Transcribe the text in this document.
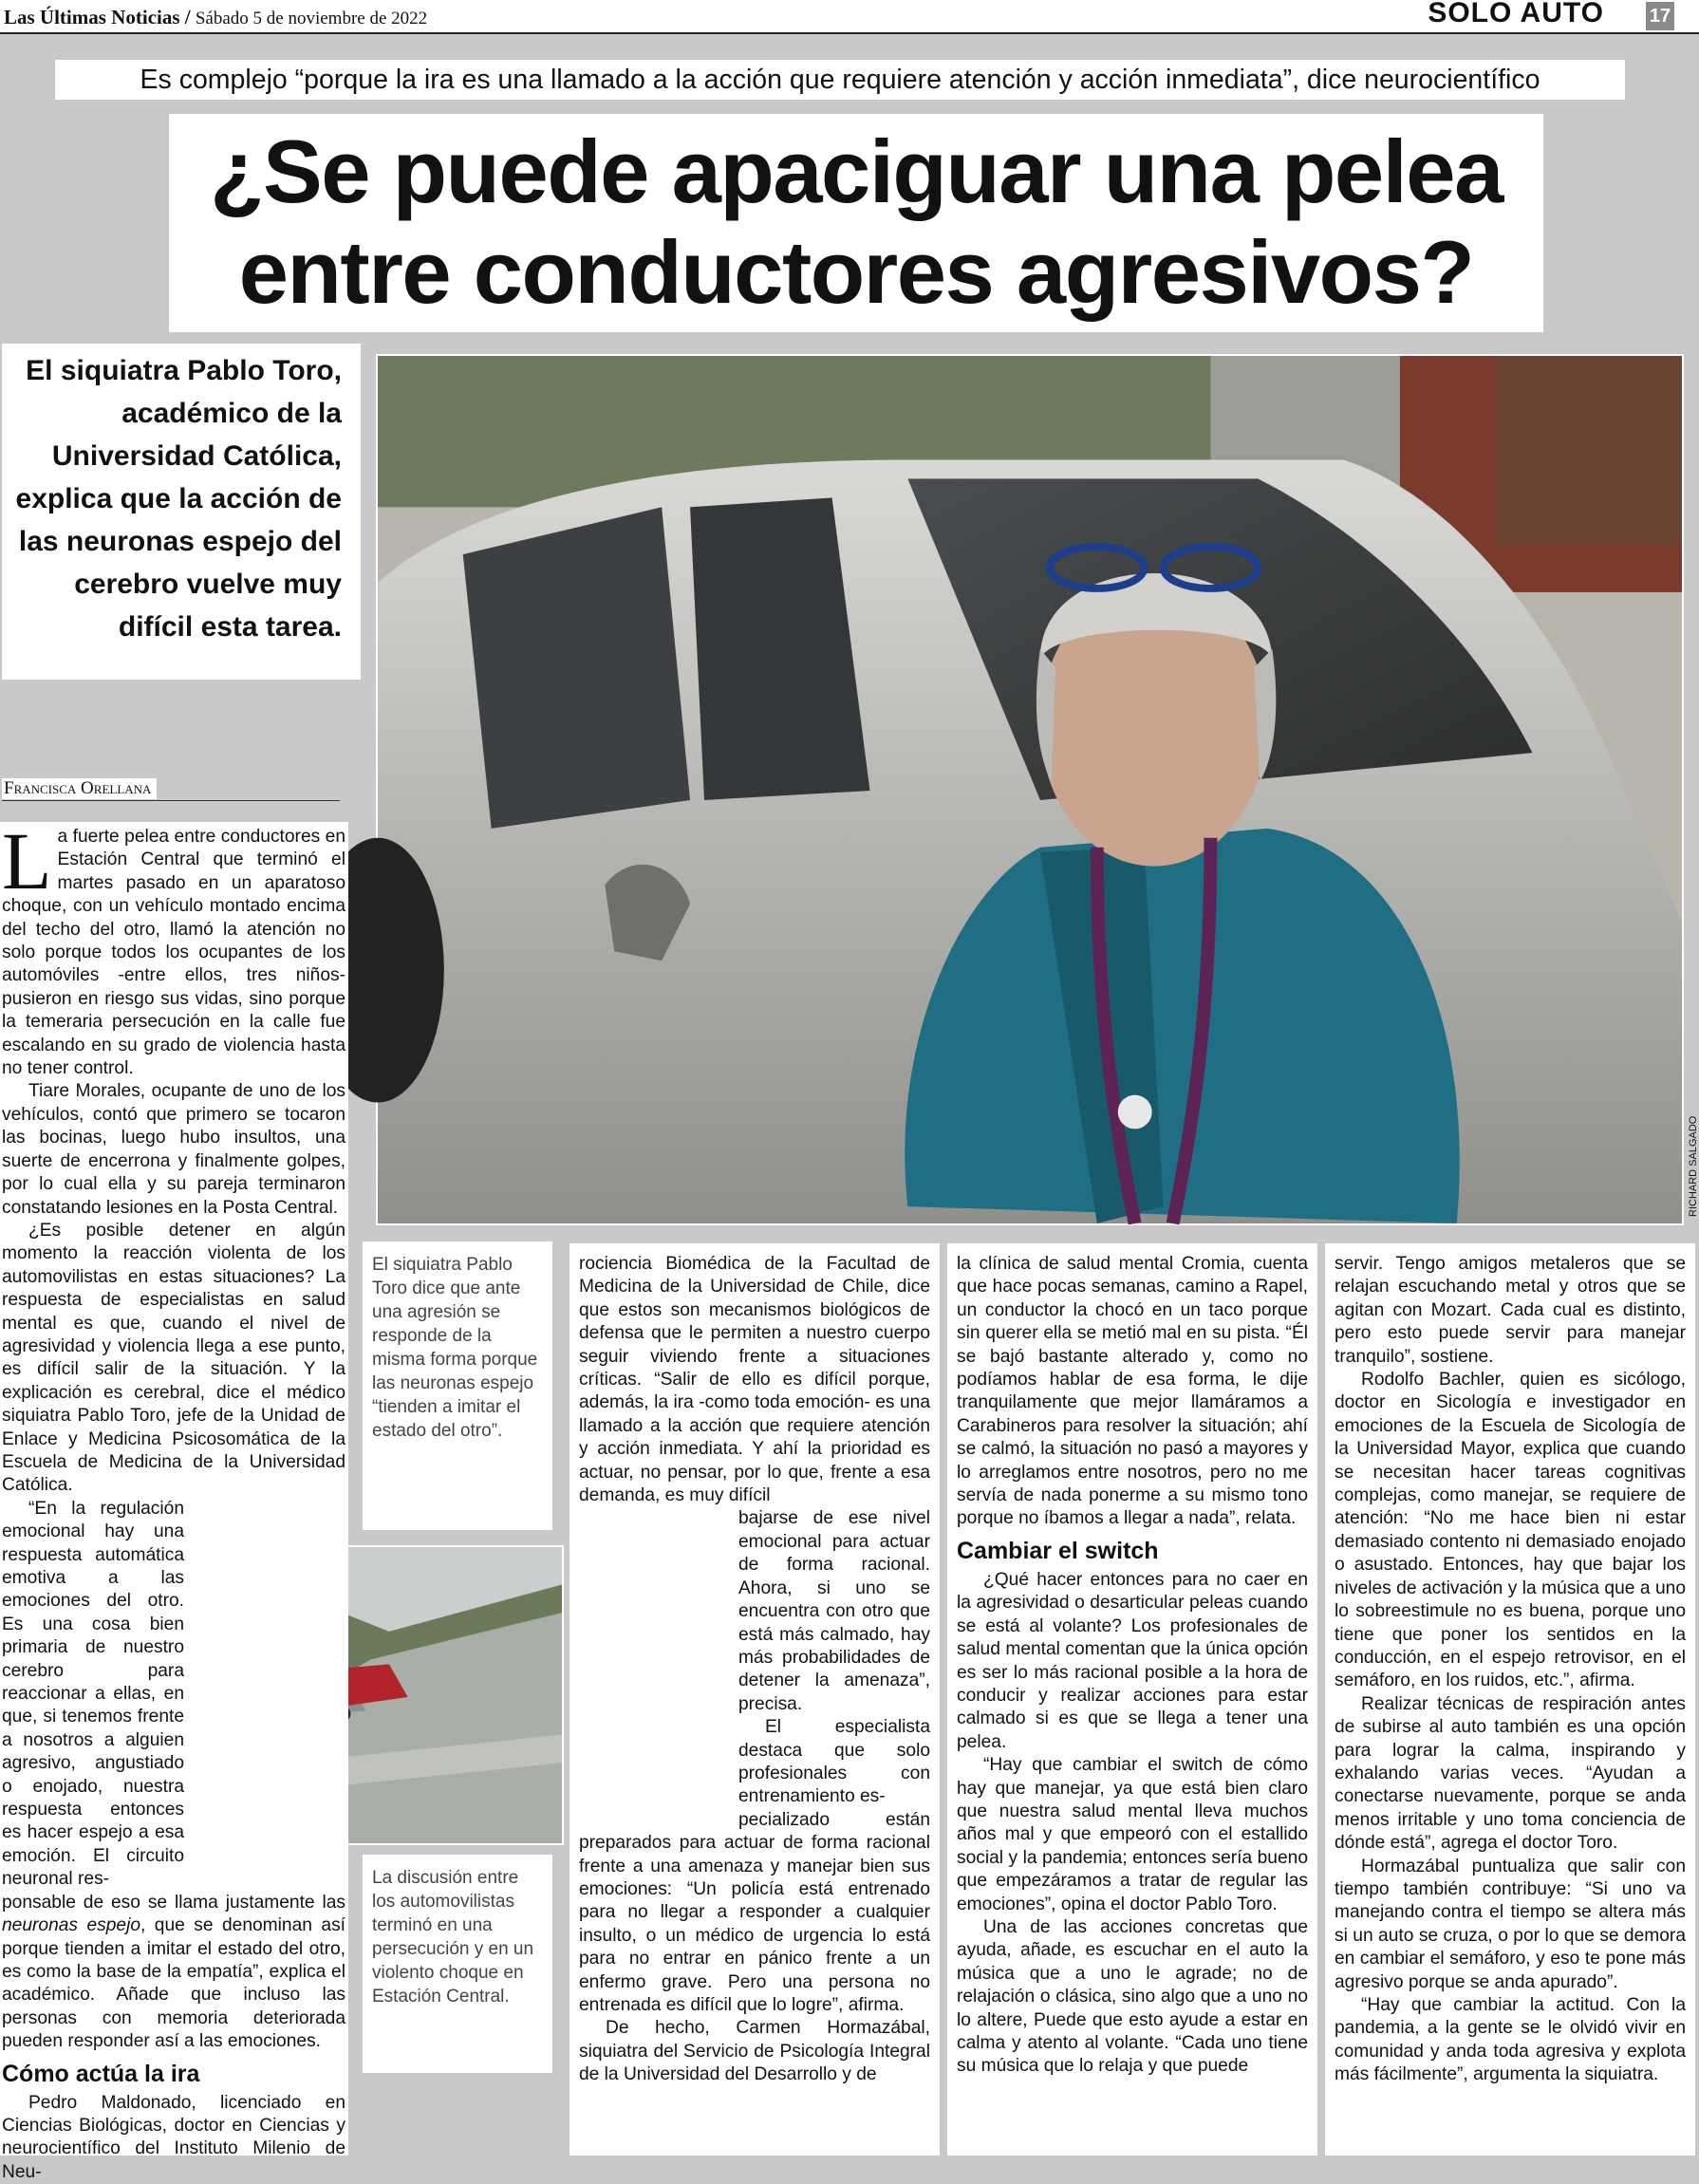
Las Últimas Noticias / Sábado 5 de noviembre de 2022	SOLO AUTO 17
Es complejo “porque la ira es una llamado a la acción que requiere atención y acción inmediata”, dice neurocientífico
¿Se puede apaciguar una pelea
entre conductores agresivos?
El siquiatra Pablo Toro, académico de la Universidad Católica, explica que la acción de las neuronas espejo del cerebro vuelve muy difícil esta tarea.
Francisca Orellana
RICHARD SALGADO
El siquiatra Pablo Toro dice que ante una agresión se responde de la misma forma porque las neuronas espejo “tienden a imitar el estado del otro”.
La discusión entre los automovilistas terminó en una persecución y en un violento choque en Estación Central.

L a fuerte pelea entre conductores en Estación Central que terminó el martes pasado en un aparatoso choque, con un vehículo montado encima del techo del otro, llamó la atención no solo porque todos los ocupantes de los automóviles -entre ellos, tres niños- pusieron en riesgo sus vidas, sino porque la temeraria persecución en la calle fue escalando en su grado de violencia hasta no tener control.

Tiare Morales, ocupante de uno de los vehículos, contó que primero se tocaron las bocinas, luego hubo insultos, una suerte de encerrona y finalmente golpes, por lo cual ella y su pareja terminaron constatando lesiones en la Posta Central.

¿Es posible detener en algún momento la reacción violenta de los automovilistas en estas situaciones? La respuesta de especialistas en salud mental es que, cuando el nivel de agresividad y violencia llega a ese punto, es difícil salir de la situación. Y la explicación es cerebral, dice el médico siquiatra Pablo Toro, jefe de la Unidad de Enlace y Medicina Psicosomática de la Escuela de Medicina de la Universidad Católica.

“En la regulación emocional hay una respuesta automática emotiva a las emociones del otro. Es una cosa bien primaria de nuestro cerebro para reaccionar a ellas, en que, si tenemos frente a nosotros a alguien agresivo, angustiado o enojado, nuestra respuesta entonces es hacer espejo a esa emoción. El circuito neuronal res-

ponsable de eso se llama justamente las neuronas espejo, que se denominan así porque tienden a imitar el estado del otro, es como la base de la empatía”, explica el académico. Añade que incluso las personas con memoria deteriorada pueden responder así a las emociones.

Cómo actúa la ira

Pedro Maldonado, licenciado en Ciencias Biológicas, doctor en Ciencias y neurocientífico del Instituto Milenio de Neu-

rociencia Biomédica de la Facultad de Medicina de la Universidad de Chile, dice que estos son mecanismos biológicos de defensa que le permiten a nuestro cuerpo seguir viviendo frente a situaciones críticas. “Salir de ello es difícil porque, además, la ira -como toda emoción- es una llamado a la acción que requiere atención y acción inmediata. Y ahí la prioridad es actuar, no pensar, por lo que, frente a esa demanda, es muy difícil

bajarse de ese nivel emocional para actuar de forma racional. Ahora, si uno se encuentra con otro que está más calmado, hay más probabilidades de detener la amenaza”, precisa.

El especialista destaca que solo profesionales con entrenamiento es-

pecializado están preparados para actuar de forma racional frente a una amenaza y manejar bien sus emociones: “Un policía está entrenado para no llegar a responder a cualquier insulto, o un médico de urgencia lo está para no entrar en pánico frente a un enfermo grave. Pero una persona no entrenada es difícil que lo logre”, afirma.

De hecho, Carmen Hormazábal, siquiatra del Servicio de Psicología Integral de la Universidad del Desarrollo y de

la clínica de salud mental Cromia, cuenta que hace pocas semanas, camino a Rapel, un conductor la chocó en un taco porque sin querer ella se metió mal en su pista. “Él se bajó bastante alterado y, como no podíamos hablar de esa forma, le dije tranquilamente que mejor llamáramos a Carabineros para resolver la situación; ahí se calmó, la situación no pasó a mayores y lo arreglamos entre nosotros, pero no me servía de nada ponerme a su mismo tono porque no íbamos a llegar a nada”, relata.

Cambiar el switch

¿Qué hacer entonces para no caer en la agresividad o desarticular peleas cuando se está al volante? Los profesionales de salud mental comentan que la única opción es ser lo más racional posible a la hora de conducir y realizar acciones para estar calmado si es que se llega a tener una pelea.

“Hay que cambiar el switch de cómo hay que manejar, ya que está bien claro que nuestra salud mental lleva muchos años mal y que empeoró con el estallido social y la pandemia; entonces sería bueno que empezáramos a tratar de regular las emociones”, opina el doctor Pablo Toro.

Una de las acciones concretas que ayuda, añade, es escuchar en el auto la música que a uno le agrade; no de relajación o clásica, sino algo que a uno no lo altere, Puede que esto ayude a estar en calma y atento al volante. “Cada uno tiene su música que lo relaja y que puede

servir. Tengo amigos metaleros que se relajan escuchando metal y otros que se agitan con Mozart. Cada cual es distinto, pero esto puede servir para manejar tranquilo”, sostiene.

Rodolfo Bachler, quien es sicólogo, doctor en Sicología e investigador en emociones de la Escuela de Sicología de la Universidad Mayor, explica que cuando se necesitan hacer tareas cognitivas complejas, como manejar, se requiere de atención: “No me hace bien ni estar demasiado contento ni demasiado enojado o asustado. Entonces, hay que bajar los niveles de activación y la música que a uno lo sobreestimule no es buena, porque uno tiene que poner los sentidos en la conducción, en el espejo retrovisor, en el semáforo, en los ruidos, etc.”, afirma.

Realizar técnicas de respiración antes de subirse al auto también es una opción para lograr la calma, inspirando y exhalando varias veces. “Ayudan a conectarse nuevamente, porque se anda menos irritable y uno toma conciencia de dónde está”, agrega el doctor Toro.

Hormazábal puntualiza que salir con tiempo también contribuye: “Si uno va manejando contra el tiempo se altera más si un auto se cruza, o por lo que se demora en cambiar el semáforo, y eso te pone más agresivo porque se anda apurado”.

“Hay que cambiar la actitud. Con la pandemia, a la gente se le olvidó vivir en comunidad y anda toda agresiva y explota más fácilmente”, argumenta la siquiatra.
